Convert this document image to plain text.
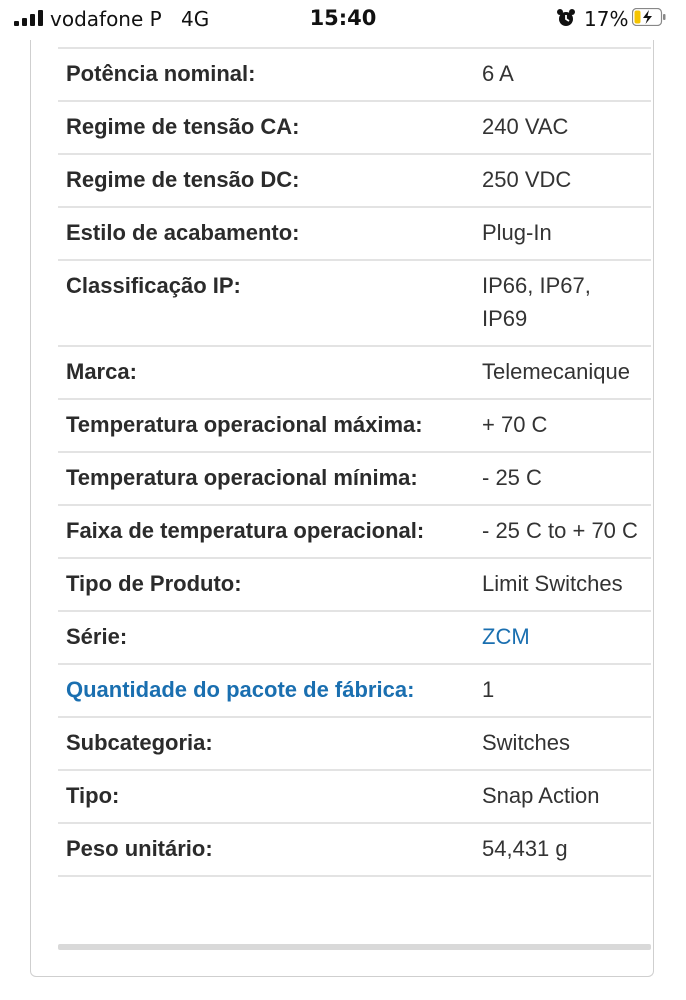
vodafone P 4G	15:40	17%
Potência nominal:	6 A
Regime de tensão CA:	240 VAC
Regime de tensão DC:	250 VDC
Estilo de acabamento:	Plug-In
Classificação IP:	IP66, IP67, IP69
Marca:	Telemecanique
Temperatura operacional máxima:	+ 70 C
Temperatura operacional mínima:	- 25 C
Faixa de temperatura operacional:	- 25 C to + 70 C
Tipo de Produto:	Limit Switches
Série:	ZCM
Quantidade do pacote de fábrica:	1
Subcategoria:	Switches
Tipo:	Snap Action
Peso unitário:	54,431 g
